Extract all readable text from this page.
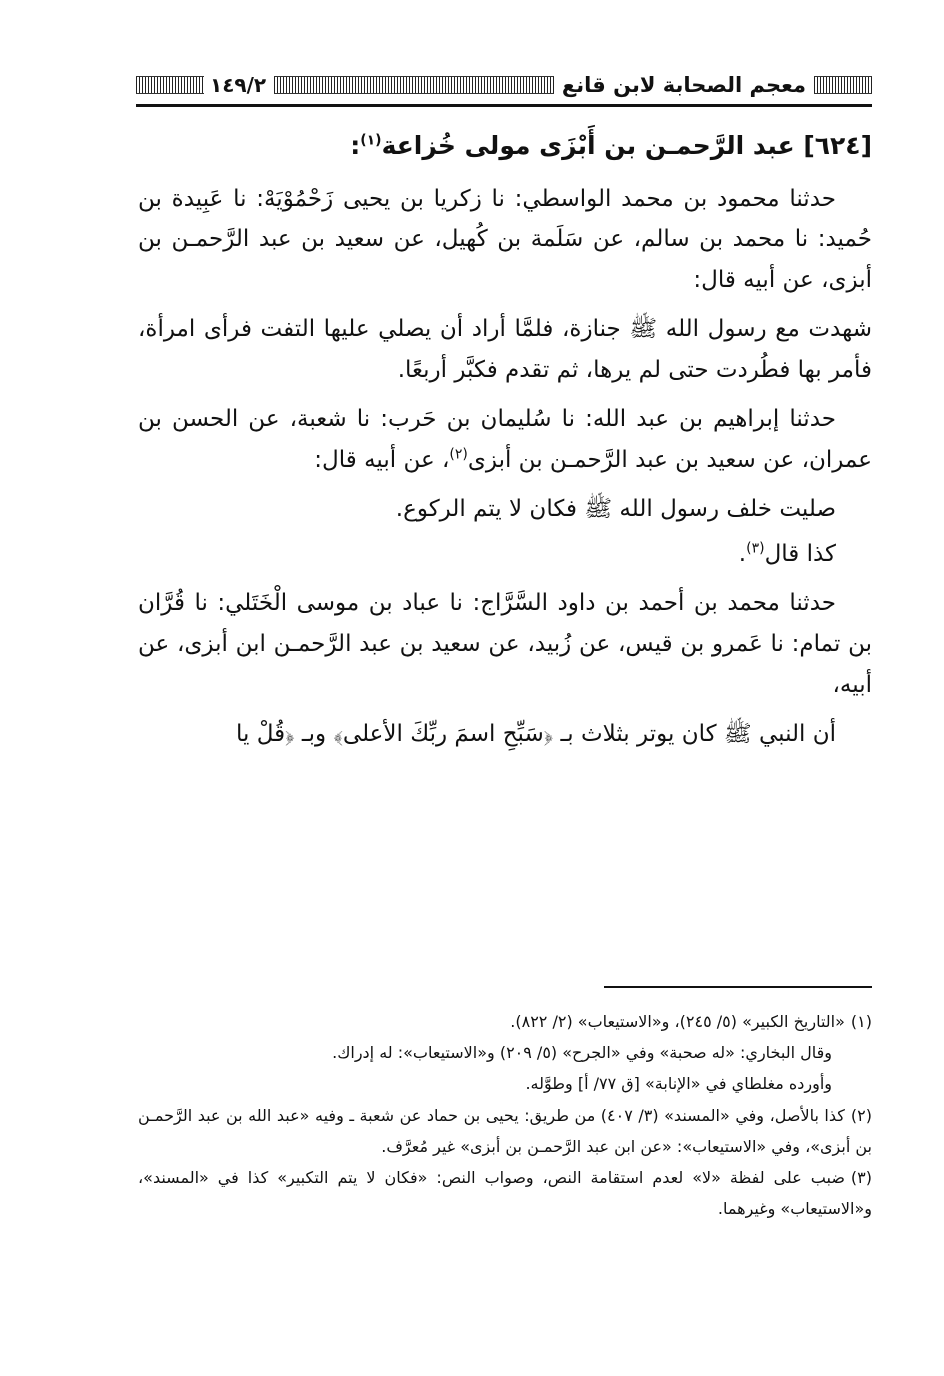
معجم الصحابة لابن قانع
١٤٩/٢

[٦٢٤] عبد الرَّحمـن بن أَبْزَى مولى خُزاعة$^{(١)}$:

حدثنا محمود بن محمد الواسطي: نا زكريا بن يحيى زَحْمُوْيَهْ: نا عَبِيدة بن حُميد: نا محمد بن سالم، عن سَلَمة بن كُهيل، عن سعيد بن عبد الرَّحمـن بن أبزى، عن أبيه قال:

شهدت مع رسول الله ﷺ جنازة، فلمَّا أراد أن يصلي عليها التفت فرأى امرأة، فأمر بها فطُردت حتى لم يرها، ثم تقدم فكبَّر أربعًا.

حدثنا إبراهيم بن عبد الله: نا سُليمان بن حَرب: نا شعبة، عن الحسن بن عمران، عن سعيد بن عبد الرَّحمـن بن أبزى$^{(٢)}$، عن أبيه قال:

صليت خلف رسول الله ﷺ فكان لا يتم الركوع.

كذا قال$^{(٣)}$.

حدثنا محمد بن أحمد بن داود السَّرَّاج: نا عباد بن موسى الْخَتَلي: نا قُرَّان بن تمام: نا عَمرو بن قيس، عن زُبيد، عن سعيد بن عبد الرَّحمـن ابن أبزى، عن أبيه،

أن النبي ﷺ كان يوتر بثلاث بـ ﴿سَبِّحِ اسمَ ربِّكَ الأعلى﴾ وبـ ﴿قُلْ يا

(١)«التاريخ الكبير» (٥/ ٢٤٥)، و«الاستيعاب» (٢/ ٨٢٢).

وقال البخاري: «له صحبة» وفي «الجرح» (٥/ ٢٠٩) و«الاستيعاب»: له إدراك.

وأورده مغلطاي في «الإنابة» [ق ٧٧/ أ] وطوَّله.

(٢)كذا بالأصل، وفي «المسند» (٣/ ٤٠٧) من طريق: يحيى بن حماد عن شعبة ـ وفيه «عبد الله بن عبد الرَّحمـن بن أبزى»، وفي «الاستيعاب»: «عن ابن عبد الرَّحمـن بن أبزى» غير مُعرَّف.

(٣)ضبب على لفظة «لا» لعدم استقامة النص، وصواب النص: «فكان لا يتم التكبير» كذا في «المسند»، و«الاستيعاب» وغيرهما.
